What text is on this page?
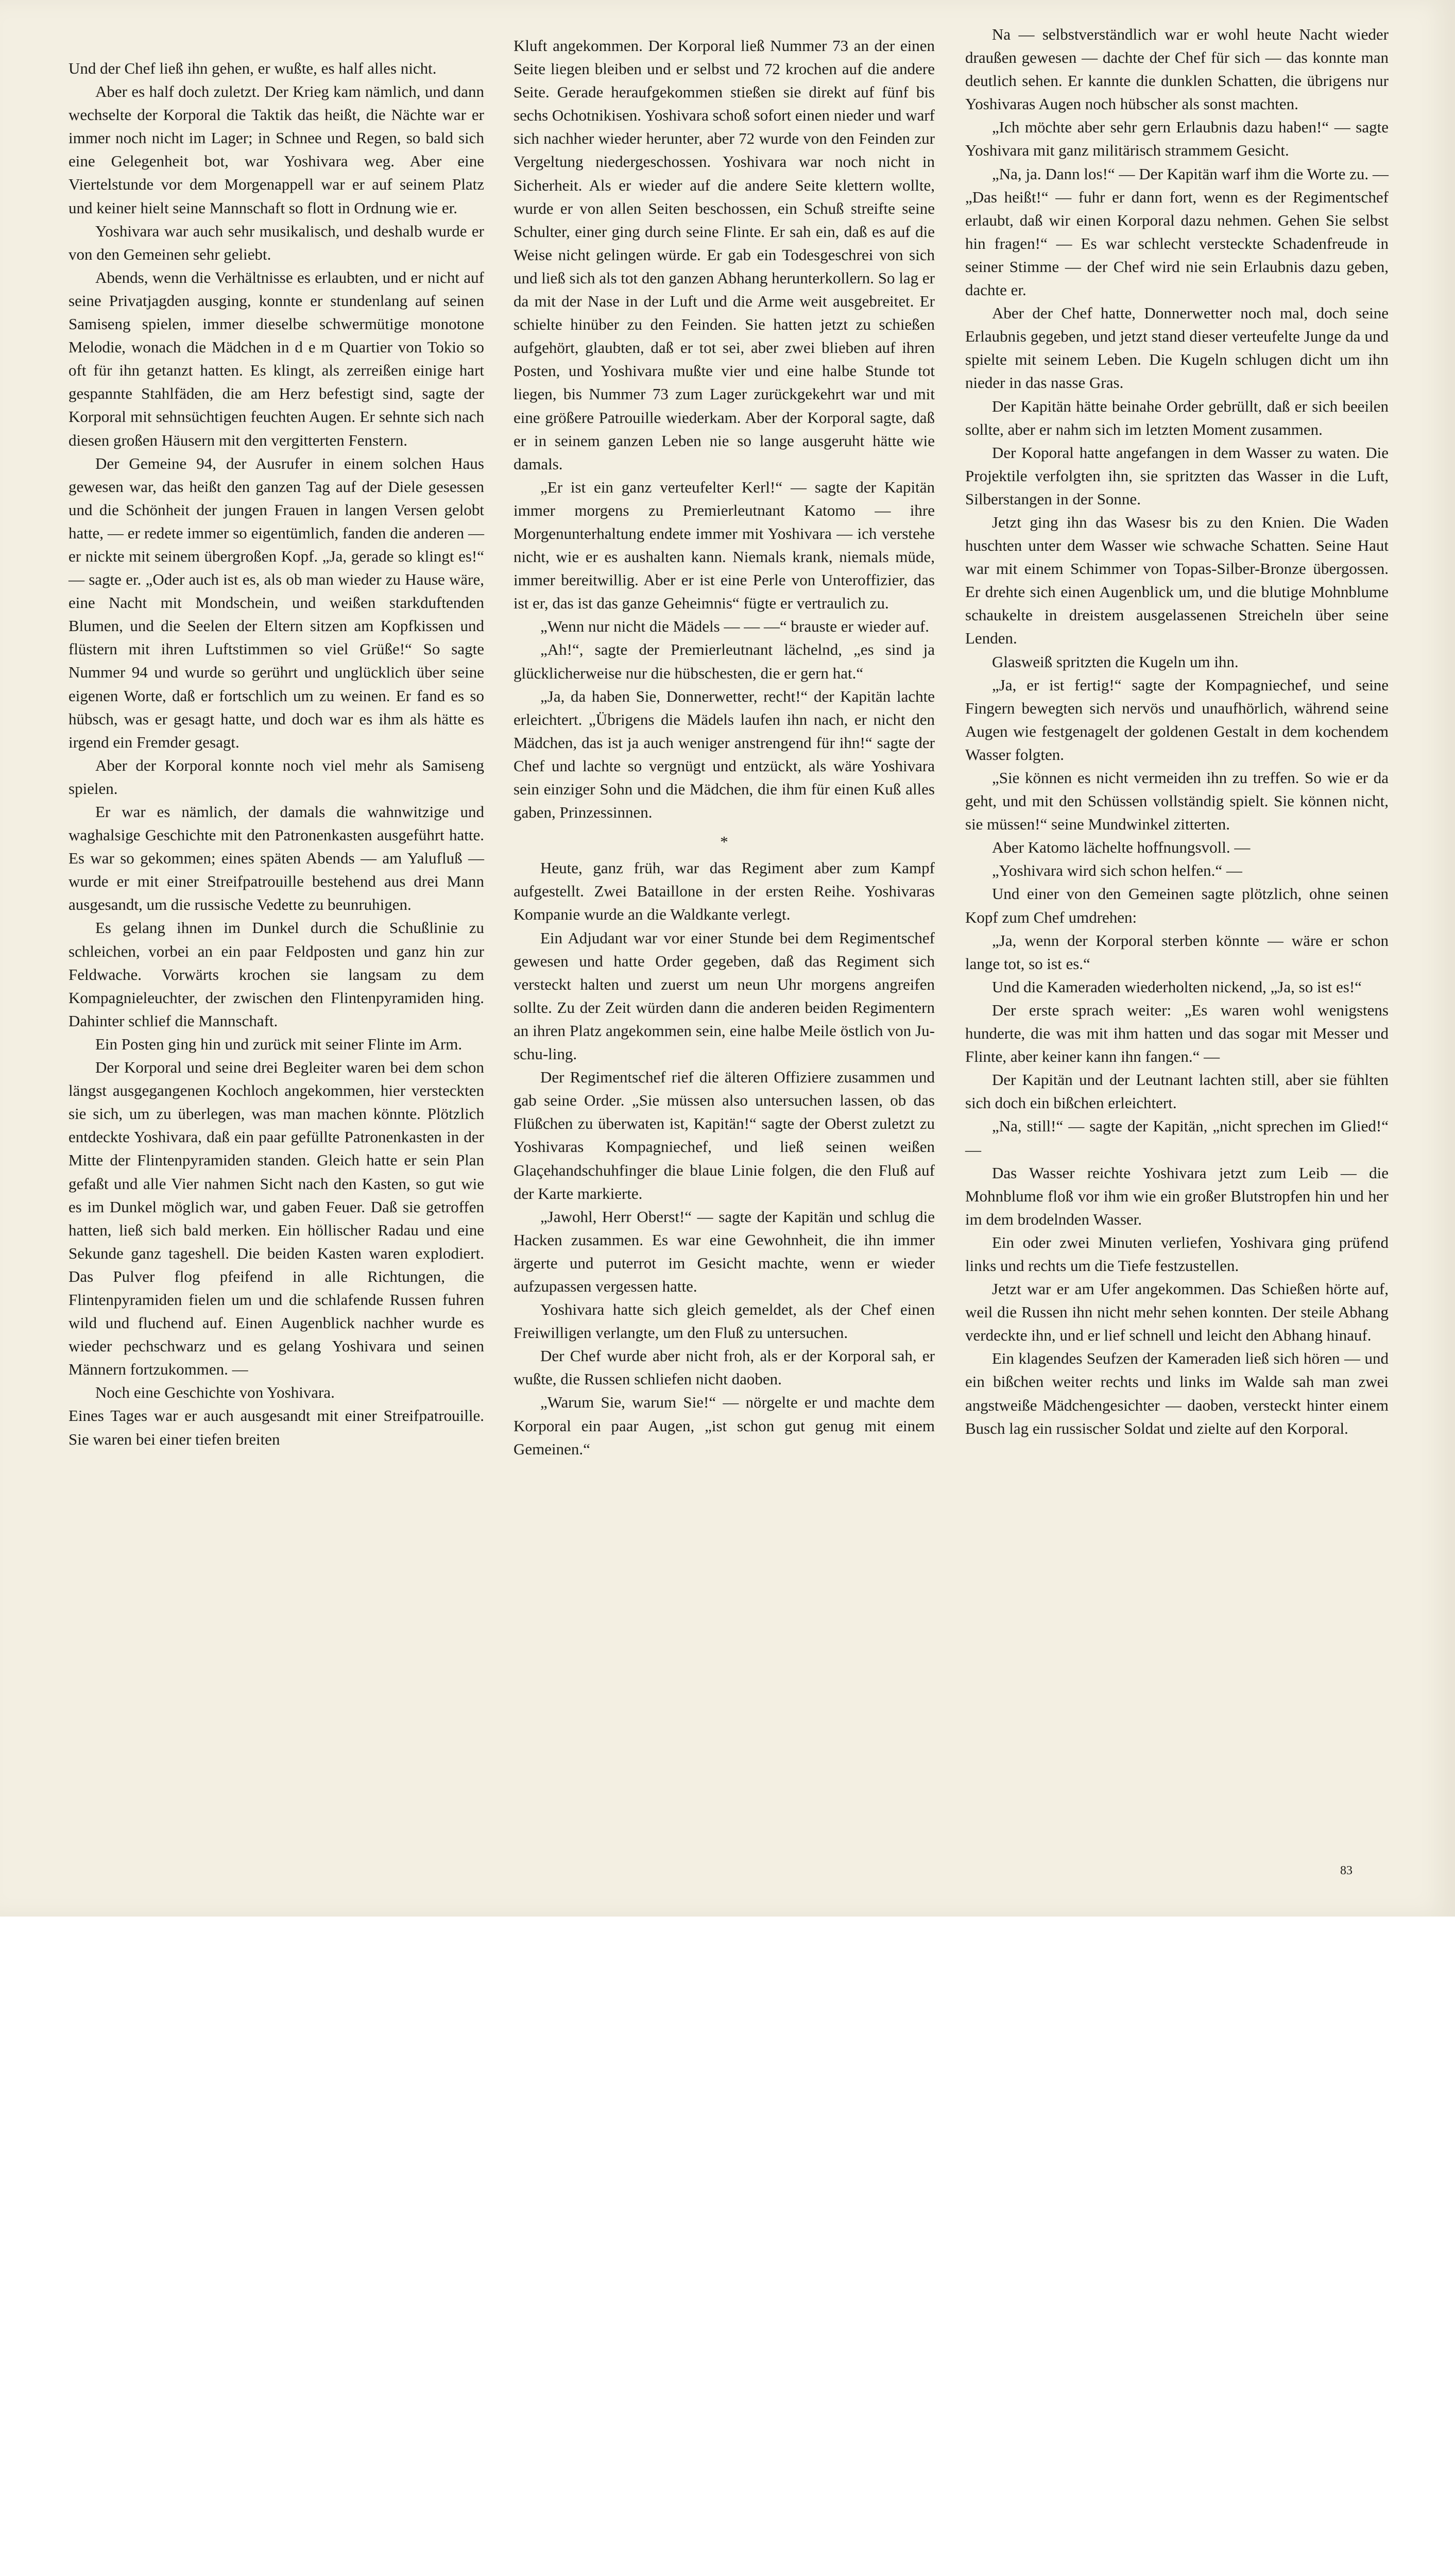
Und der Chef ließ ihn gehen, er wußte, es half alles nicht.

Aber es half doch zuletzt. Der Krieg kam nämlich, und dann wechselte der Korporal die Taktik das heißt, die Nächte war er immer noch nicht im Lager; in Schnee und Regen, so bald sich eine Gelegenheit bot, war Yoshivara weg. Aber eine Viertelstunde vor dem Morgenappell war er auf seinem Platz und keiner hielt seine Mannschaft so flott in Ordnung wie er.

Yoshivara war auch sehr musikalisch, und deshalb wurde er von den Gemeinen sehr geliebt.

Abends, wenn die Verhältnisse es erlaubten, und er nicht auf seine Privatjagden ausging, konnte er stundenlang auf seinen Samiseng spielen, immer dieselbe schwermütige monotone Melodie, wonach die Mädchen in d e m Quartier von Tokio so oft für ihn getanzt hatten. Es klingt, als zerreißen einige hart gespannte Stahlfäden, die am Herz befestigt sind, sagte der Korporal mit sehnsüchtigen feuchten Augen. Er sehnte sich nach diesen großen Häusern mit den vergitterten Fenstern.

Der Gemeine 94, der Ausrufer in einem solchen Haus gewesen war, das heißt den ganzen Tag auf der Diele gesessen und die Schönheit der jungen Frauen in langen Versen gelobt hatte, — er redete immer so eigentümlich, fanden die anderen — er nickte mit seinem übergroßen Kopf. „Ja, gerade so klingt es!“ — sagte er. „Oder auch ist es, als ob man wieder zu Hause wäre, eine Nacht mit Mondschein, und weißen starkduftenden Blumen, und die Seelen der Eltern sitzen am Kopfkissen und flüstern mit ihren Luftstimmen so viel Grüße!“ So sagte Nummer 94 und wurde so gerührt und unglücklich über seine eigenen Worte, daß er fortschlich um zu weinen. Er fand es so hübsch, was er gesagt hatte, und doch war es ihm als hätte es irgend ein Fremder gesagt.

Aber der Korporal konnte noch viel mehr als Samiseng spielen.

Er war es nämlich, der damals die wahnwitzige und waghalsige Geschichte mit den Patronenkasten ausgeführt hatte. Es war so gekommen; eines späten Abends — am Yalufluß — wurde er mit einer Streifpatrouille bestehend aus drei Mann ausgesandt, um die russische Vedette zu beunruhigen.

Es gelang ihnen im Dunkel durch die Schußlinie zu schleichen, vorbei an ein paar Feldposten und ganz hin zur Feldwache. Vorwärts krochen sie langsam zu dem Kompagnieleuchter, der zwischen den Flintenpyramiden hing. Dahinter schlief die Mannschaft.

Ein Posten ging hin und zurück mit seiner Flinte im Arm.

Der Korporal und seine drei Begleiter waren bei dem schon längst ausgegangenen Kochloch angekommen, hier versteckten sie sich, um zu überlegen, was man machen könnte. Plötzlich entdeckte Yoshivara, daß ein paar gefüllte Patronenkasten in der Mitte der Flintenpyramiden standen. Gleich hatte er sein Plan gefaßt und alle Vier nahmen Sicht nach den Kasten, so gut wie es im Dunkel möglich war, und gaben Feuer. Daß sie getroffen hatten, ließ sich bald merken. Ein höllischer Radau und eine Sekunde ganz tageshell. Die beiden Kasten waren explodiert. Das Pulver flog pfeifend in alle Richtungen, die Flintenpyramiden fielen um und die schlafende Russen fuhren wild und fluchend auf. Einen Augenblick nachher wurde es wieder pechschwarz und es gelang Yoshivara und seinen Männern fortzukommen. —

Noch eine Geschichte von Yoshivara.

Eines Tages war er auch ausgesandt mit einer Streifpatrouille. Sie waren bei einer tiefen breiten

Kluft angekommen. Der Korporal ließ Nummer 73 an der einen Seite liegen bleiben und er selbst und 72 krochen auf die andere Seite. Gerade heraufgekommen stießen sie direkt auf fünf bis sechs Ochotnikisen. Yoshivara schoß sofort einen nieder und warf sich nachher wieder herunter, aber 72 wurde von den Feinden zur Vergeltung niedergeschossen. Yoshivara war noch nicht in Sicherheit. Als er wieder auf die andere Seite klettern wollte, wurde er von allen Seiten beschossen, ein Schuß streifte seine Schulter, einer ging durch seine Flinte. Er sah ein, daß es auf die Weise nicht gelingen würde. Er gab ein Todesgeschrei von sich und ließ sich als tot den ganzen Abhang herunterkollern. So lag er da mit der Nase in der Luft und die Arme weit ausgebreitet. Er schielte hinüber zu den Feinden. Sie hatten jetzt zu schießen aufgehört, glaubten, daß er tot sei, aber zwei blieben auf ihren Posten, und Yoshivara mußte vier und eine halbe Stunde tot liegen, bis Nummer 73 zum Lager zurückgekehrt war und mit eine größere Patrouille wiederkam. Aber der Korporal sagte, daß er in seinem ganzen Leben nie so lange ausgeruht hätte wie damals.

„Er ist ein ganz verteufelter Kerl!“ — sagte der Kapitän immer morgens zu Premierleutnant Katomo — ihre Morgenunterhaltung endete immer mit Yoshivara — ich verstehe nicht, wie er es aushalten kann. Niemals krank, niemals müde, immer bereitwillig. Aber er ist eine Perle von Unteroffizier, das ist er, das ist das ganze Geheimnis“ fügte er vertraulich zu.

„Wenn nur nicht die Mädels — — —“ brauste er wieder auf.

„Ah!“, sagte der Premierleutnant lächelnd, „es sind ja glücklicherweise nur die hübschesten, die er gern hat.“

„Ja, da haben Sie, Donnerwetter, recht!“ der Kapitän lachte erleichtert. „Übrigens die Mädels laufen ihn nach, er nicht den Mädchen, das ist ja auch weniger anstrengend für ihn!“ sagte der Chef und lachte so vergnügt und entzückt, als wäre Yoshivara sein einziger Sohn und die Mädchen, die ihm für einen Kuß alles gaben, Prinzessinnen.

*

Heute, ganz früh, war das Regiment aber zum Kampf aufgestellt. Zwei Bataillone in der ersten Reihe. Yoshivaras Kompanie wurde an die Waldkante verlegt.

Ein Adjudant war vor einer Stunde bei dem Regimentschef gewesen und hatte Order gegeben, daß das Regiment sich versteckt halten und zuerst um neun Uhr morgens angreifen sollte. Zu der Zeit würden dann die anderen beiden Regimentern an ihren Platz angekommen sein, eine halbe Meile östlich von Ju-schu-ling.

Der Regimentschef rief die älteren Offiziere zusammen und gab seine Order. „Sie müssen also untersuchen lassen, ob das Flüßchen zu überwaten ist, Kapitän!“ sagte der Oberst zuletzt zu Yoshivaras Kompagniechef, und ließ seinen weißen Glaçehandschuhfinger die blaue Linie folgen, die den Fluß auf der Karte markierte.

„Jawohl, Herr Oberst!“ — sagte der Kapitän und schlug die Hacken zusammen. Es war eine Gewohnheit, die ihn immer ärgerte und puterrot im Gesicht machte, wenn er wieder aufzupassen vergessen hatte.

Yoshivara hatte sich gleich gemeldet, als der Chef einen Freiwilligen verlangte, um den Fluß zu untersuchen.

Der Chef wurde aber nicht froh, als er der Korporal sah, er wußte, die Russen schliefen nicht daoben.

„Warum Sie, warum Sie!“ — nörgelte er und machte dem Korporal ein paar Augen, „ist schon gut genug mit einem Gemeinen.“

Na — selbstverständlich war er wohl heute Nacht wieder draußen gewesen — dachte der Chef für sich — das konnte man deutlich sehen. Er kannte die dunklen Schatten, die übrigens nur Yoshivaras Augen noch hübscher als sonst machten.

„Ich möchte aber sehr gern Erlaubnis dazu haben!“ — sagte Yoshivara mit ganz militärisch strammem Gesicht.

„Na, ja. Dann los!“ — Der Kapitän warf ihm die Worte zu. — „Das heißt!“ — fuhr er dann fort, wenn es der Regimentschef erlaubt, daß wir einen Korporal dazu nehmen. Gehen Sie selbst hin fragen!“ — Es war schlecht versteckte Schadenfreude in seiner Stimme — der Chef wird nie sein Erlaubnis dazu geben, dachte er.

Aber der Chef hatte, Donnerwetter noch mal, doch seine Erlaubnis gegeben, und jetzt stand dieser verteufelte Junge da und spielte mit seinem Leben. Die Kugeln schlugen dicht um ihn nieder in das nasse Gras.

Der Kapitän hätte beinahe Order gebrüllt, daß er sich beeilen sollte, aber er nahm sich im letzten Moment zusammen.

Der Koporal hatte angefangen in dem Wasser zu waten. Die Projektile verfolgten ihn, sie spritzten das Wasser in die Luft, Silberstangen in der Sonne.

Jetzt ging ihn das Wasesr bis zu den Knien. Die Waden huschten unter dem Wasser wie schwache Schatten. Seine Haut war mit einem Schimmer von Topas-Silber-Bronze übergossen. Er drehte sich einen Augenblick um, und die blutige Mohnblume schaukelte in dreistem ausgelassenen Streicheln über seine Lenden.

Glasweiß spritzten die Kugeln um ihn.

„Ja, er ist fertig!“ sagte der Kompagniechef, und seine Fingern bewegten sich nervös und unaufhörlich, während seine Augen wie festgenagelt der goldenen Gestalt in dem kochendem Wasser folgten.

„Sie können es nicht vermeiden ihn zu treffen. So wie er da geht, und mit den Schüssen vollständig spielt. Sie können nicht, sie müssen!“ seine Mundwinkel zitterten.

Aber Katomo lächelte hoffnungsvoll. —

„Yoshivara wird sich schon helfen.“ —

Und einer von den Gemeinen sagte plötzlich, ohne seinen Kopf zum Chef umdrehen:

„Ja, wenn der Korporal sterben könnte — wäre er schon lange tot, so ist es.“

Und die Kameraden wiederholten nickend, „Ja, so ist es!“

Der erste sprach weiter: „Es waren wohl wenigstens hunderte, die was mit ihm hatten und das sogar mit Messer und Flinte, aber keiner kann ihn fangen.“ —

Der Kapitän und der Leutnant lachten still, aber sie fühlten sich doch ein bißchen erleichtert.

„Na, still!“ — sagte der Kapitän, „nicht sprechen im Glied!“ —

Das Wasser reichte Yoshivara jetzt zum Leib — die Mohnblume floß vor ihm wie ein großer Blutstropfen hin und her im dem brodelnden Wasser.

Ein oder zwei Minuten verliefen, Yoshivara ging prüfend links und rechts um die Tiefe festzustellen.

Jetzt war er am Ufer angekommen. Das Schießen hörte auf, weil die Russen ihn nicht mehr sehen konnten. Der steile Abhang verdeckte ihn, und er lief schnell und leicht den Abhang hinauf.

Ein klagendes Seufzen der Kameraden ließ sich hören — und ein bißchen weiter rechts und links im Walde sah man zwei angstweiße Mädchengesichter — daoben, versteckt hinter einem Busch lag ein russischer Soldat und zielte auf den Korporal.

83
